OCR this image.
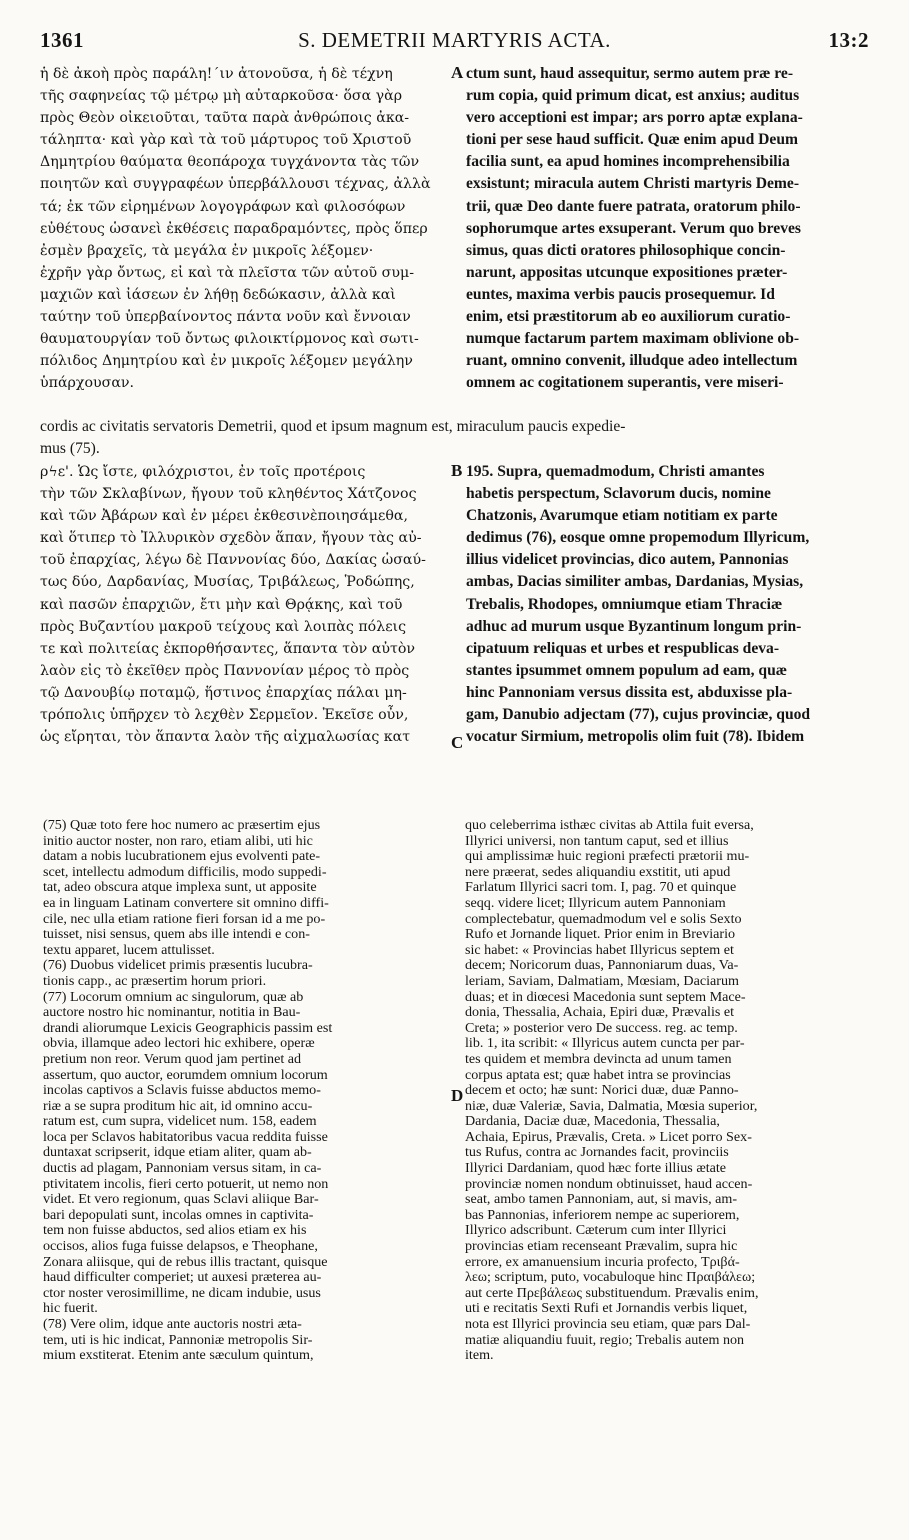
1361	S. DEMETRII MARTYRIS ACTA.	13:2
ἡ δὲ ἀκοὴ πρὸς παράλη!΄ιν ἀτονοῦσα, ἡ δὲ τέχνη
τῆς σαφηνείας τῷ μέτρῳ μὴ αὐταρκοῦσα· ὅσα γὰρ
πρὸς Θεὸν οἰκειοῦται, ταῦτα παρὰ ἀνθρώποις ἀκα-
τάληπτα· καὶ γὰρ καὶ τὰ τοῦ μάρτυρος τοῦ Χριστοῦ
Δημητρίου θαύματα θεοπάροχα τυγχάνοντα τὰς τῶν
ποιητῶν καὶ συγγραφέων ὑπερβάλλουσι τέχνας, ἀλλὰ
τά; ἐκ τῶν εἰρημένων λογογράφων καὶ φιλοσόφων
εὐθέτους ὡσανεὶ ἐκθέσεις παραδραμόντες, πρὸς ὅπερ
ἐσμὲν βραχεῖς, τὰ μεγάλα ἐν μικροῖς λέξομεν·
ἐχρῆν γὰρ ὄντως, εἰ καὶ τὰ πλεῖστα τῶν αὐτοῦ συμ-
μαχιῶν καὶ ἰάσεων ἐν λήθῃ δεδώκασιν, ἀλλὰ καὶ
ταύτην τοῦ ὑπερβαίνοντος πάντα νοῦν καὶ ἔννοιαν
θαυματουργίαν τοῦ ὄντως φιλοικτίρμονος καὶ σωτι-
πόλιδος Δημητρίου καὶ ἐν μικροῖς λέξομεν μεγάλην
ὑπάρχουσαν.
ctum sunt, haud assequitur, sermo autem præ re-
rum copia, quid primum dicat, est anxius; auditus
vero acceptioni est impar; ars porro aptæ explana-
tioni per sese haud sufficit. Quæ enim apud Deum
facilia sunt, ea apud homines incomprehensibilia
exsistunt; miracula autem Christi martyris Deme-
trii, quæ Deo dante fuere patrata, oratorum philo-
sophorumque artes exsuperant. Verum quo breves
simus, quas dicti oratores philosophique concin-
narunt, appositas utcunque expositiones præter-
euntes, maxima verbis paucis prosequemur. Id
enim, etsi præstitorum ab eo auxiliorum curatio-
numque factarum partem maximam oblivione ob-
ruant, omnino convenit, illudque adeo intellectum
omnem ac cogitationem superantis, vere miseri-
A
cordis ac civitatis servatoris Demetrii, quod et ipsum magnum est, miraculum paucis expedie-
mus (75).
ρϟε'. Ὡς ἴστε, φιλόχριστοι, ἐν τοῖς προτέροις
τὴν τῶν Σκλαβίνων, ἤγουν τοῦ κληθέντος Χάτζονος
καὶ τῶν Ἀβάρων καὶ ἐν μέρει ἐκθεσινὲποιησάμεθα,
καὶ ὅτιπερ τὸ Ἰλλυρικὸν σχεδὸν ἅπαν, ἤγουν τὰς αὐ-
τοῦ ἐπαρχίας, λέγω δὲ Παννονίας δύο, Δακίας ὡσαύ-
τως δύο, Δαρδανίας, Μυσίας, Τριβάλεως, Ῥοδώπης,
καὶ πασῶν ἐπαρχιῶν, ἔτι μὴν καὶ Θρᾴκης, καὶ τοῦ
πρὸς Βυζαντίου μακροῦ τείχους καὶ λοιπὰς πόλεις
τε καὶ πολιτείας ἐκπορθήσαντες, ἅπαντα τὸν αὐτὸν
λαὸν εἰς τὸ ἐκεῖθεν πρὸς Παννονίαν μέρος τὸ πρὸς
τῷ Δανουβίῳ ποταμῷ, ἥστινος ἐπαρχίας πάλαι μη-
τρόπολις ὑπῆρχεν τὸ λεχθὲν Σερμεῖον. Ἐκεῖσε οὖν,
ὡς εἴρηται, τὸν ἅπαντα λαὸν τῆς αἰχμαλωσίας κατ
195. Supra, quemadmodum, Christi amantes
habetis perspectum, Sclavorum ducis, nomine
Chatzonis, Avarumque etiam notitiam ex parte
dedimus (76), eosque omne propemodum Illyricum,
illius videlicet provincias, dico autem, Pannonias
ambas, Dacias similiter ambas, Dardanias, Mysias,
Trebalis, Rhodopes, omniumque etiam Thraciæ
adhuc ad murum usque Byzantinum longum prin-
cipatuum reliquas et urbes et respublicas deva-
stantes ipsummet omnem populum ad eam, quæ
hinc Pannoniam versus dissita est, abduxisse pla-
gam, Danubio adjectam (77), cujus provinciæ, quod
vocatur Sirmium, metropolis olim fuit (78). Ibidem
B
C
D
(75) Quæ toto fere hoc numero ac præsertim ejus
initio auctor noster, non raro, etiam alibi, uti hic
datam a nobis lucubrationem ejus evolventi pate-
scet, intellectu admodum difficilis, modo suppedi-
tat, adeo obscura atque implexa sunt, ut apposite
ea in linguam Latinam convertere sit omnino diffi-
cile, nec ulla etiam ratione fieri forsan id a me po-
tuisset, nisi sensus, quem abs ille intendi e con-
textu apparet, lucem attulisset.
(76) Duobus videlicet primis præsentis lucubra-
tionis capp., ac præsertim horum priori.
(77) Locorum omnium ac singulorum, quæ ab
auctore nostro hic nominantur, notitia in Bau-
drandi aliorumque Lexicis Geographicis passim est
obvia, illamque adeo lectori hic exhibere, operæ
pretium non reor. Verum quod jam pertinet ad
assertum, quo auctor, eorumdem omnium locorum
incolas captivos a Sclavis fuisse abductos memo-
riæ a se supra proditum hic ait, id omnino accu-
ratum est, cum supra, videlicet num. 158, eadem
loca per Sclavos habitatoribus vacua reddita fuisse
duntaxat scripserit, idque etiam aliter, quam ab-
ductis ad plagam, Pannoniam versus sitam, in ca-
ptivitatem incolis, fieri certo potuerit, ut nemo non
videt. Et vero regionum, quas Sclavi aliique Bar-
bari depopulati sunt, incolas omnes in captivita-
tem non fuisse abductos, sed alios etiam ex his
occisos, alios fuga fuisse delapsos, e Theophane,
Zonara aliisque, qui de rebus illis tractant, quisque
haud difficulter comperiet; ut auxesi præterea au-
ctor noster verosimillime, ne dicam indubie, usus
hic fuerit.
(78) Vere olim, idque ante auctoris nostri æta-
tem, uti is hic indicat, Pannoniæ metropolis Sir-
mium exstiterat. Etenim ante sæculum quintum,
quo celeberrima isthæc civitas ab Attila fuit eversa,
Illyrici universi, non tantum caput, sed et illius
qui amplissimæ huic regioni præfecti prætorii mu-
nere præerat, sedes aliquandiu exstitit, uti apud
Farlatum Illyrici sacri tom. I, pag. 70 et quinque
seqq. videre licet; Illyricum autem Pannoniam
complectebatur, quemadmodum vel e solis Sexto
Rufo et Jornande liquet. Prior enim in Breviario
sic habet: « Provincias habet Illyricus septem et
decem; Noricorum duas, Pannoniarum duas, Va-
leriam, Saviam, Dalmatiam, Mœsiam, Daciarum
duas; et in diœcesi Macedonia sunt septem Mace-
donia, Thessalia, Achaia, Epiri duæ, Prævalis et
Creta; » posterior vero De success. reg. ac temp.
lib. 1, ita scribit: « Illyricus autem cuncta per par-
tes quidem et membra devincta ad unum tamen
corpus aptata est; quæ habet intra se provincias
decem et octo; hæ sunt: Norici duæ, duæ Panno-
niæ, duæ Valeriæ, Savia, Dalmatia, Mœsia superior,
Dardania, Daciæ duæ, Macedonia, Thessalia,
Achaia, Epirus, Prævalis, Creta. » Licet porro Sex-
tus Rufus, contra ac Jornandes facit, provinciis
Illyrici Dardaniam, quod hæc forte illius ætate
provinciæ nomen nondum obtinuisset, haud accen-
seat, ambo tamen Pannoniam, aut, si mavis, am-
bas Pannonias, inferiorem nempe ac superiorem,
Illyrico adscribunt. Cæterum cum inter Illyrici
provincias etiam recenseant Prævalim, supra hic
errore, ex amanuensium incuria profecto, Τριβά-
λεω; scriptum, puto, vocabuloque hinc Πραιβάλεω;
aut certe Πρεβάλεως substituendum. Prævalis enim,
uti e recitatis Sexti Rufi et Jornandis verbis liquet,
nota est Illyrici provincia seu etiam, quæ pars Dal-
matiæ aliquandiu fuuit, regio; Trebalis autem non
item.
